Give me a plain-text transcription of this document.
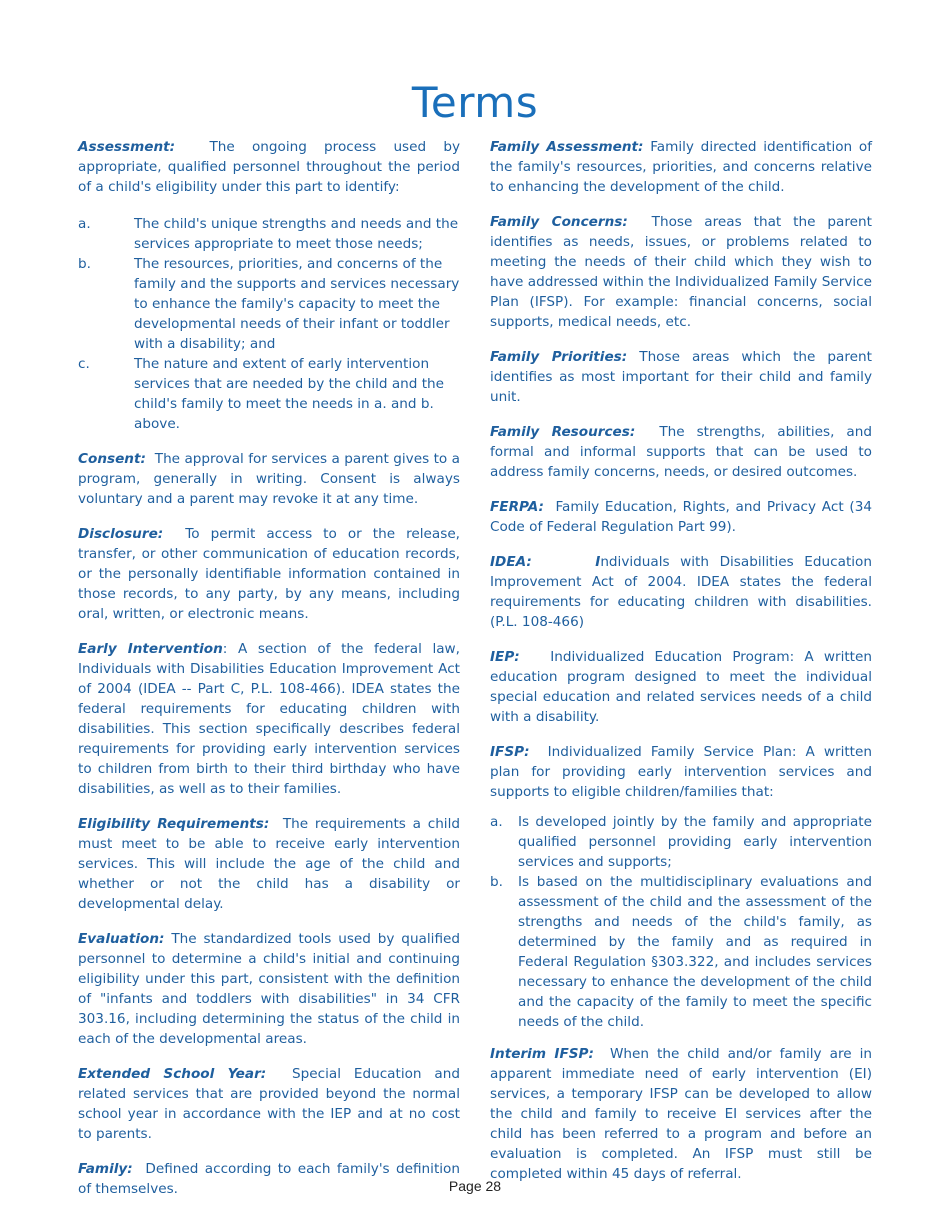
Terms

Assessment:	The ongoing process used by appropriate, qualified personnel throughout the period of a child's eligibility under this part to identify:

a.	The child's unique strengths and needs and the services appropriate to meet those needs;
b.	The resources, priorities, and concerns of the family and the supports and services necessary to enhance the family's capacity to meet the developmental needs of their infant or toddler with a disability; and
c.	The nature and extent of early intervention services that are needed by the child and the child's family to meet the needs in a. and b. above.

Consent: The approval for services a parent gives to a program, generally in writing. Consent is always voluntary and a parent may revoke it at any time.

Disclosure: To permit access to or the release, transfer, or other communication of education records, or the personally identifiable information contained in those records, to any party, by any means, including oral, written, or electronic means.

Early Intervention: A section of the federal law, Individuals with Disabilities Education Improvement Act of 2004 (IDEA -- Part C, P.L. 108-466). IDEA states the federal requirements for educating children with disabilities. This section specifically describes federal requirements for providing early intervention services to children from birth to their third birthday who have disabilities, as well as to their families.

Eligibility Requirements: The requirements a child must meet to be able to receive early intervention services. This will include the age of the child and whether or not the child has a disability or developmental delay.

Evaluation: The standardized tools used by qualified personnel to determine a child's initial and continuing eligibility under this part, consistent with the definition of "infants and toddlers with disabilities" in 34 CFR 303.16, including determining the status of the child in each of the developmental areas.

Extended School Year: Special Education and related services that are provided beyond the normal school year in accordance with the IEP and at no cost to parents.

Family: Defined according to each family's definition of themselves.

Family Assessment: Family directed identification of the family's resources, priorities, and concerns relative to enhancing the development of the child.

Family Concerns: Those areas that the parent identifies as needs, issues, or problems related to meeting the needs of their child which they wish to have addressed within the Individualized Family Service Plan (IFSP). For example: financial concerns, social supports, medical needs, etc.

Family Priorities: Those areas which the parent identifies as most important for their child and family unit.

Family Resources: The strengths, abilities, and formal and informal supports that can be used to address family concerns, needs, or desired outcomes.

FERPA: Family Education, Rights, and Privacy Act (34 Code of Federal Regulation Part 99).

IDEA:	Individuals with Disabilities Education Improvement Act of 2004. IDEA states the federal requirements for educating children with disabilities. (P.L. 108-466)

IEP: Individualized Education Program: A written education program designed to meet the individual special education and related services needs of a child with a disability.

IFSP: Individualized Family Service Plan: A written plan for providing early intervention services and supports to eligible children/families that:

a.	Is developed jointly by the family and appropriate qualified personnel providing early intervention services and supports;
b.	Is based on the multidisciplinary evaluations and assessment of the child and the assessment of the strengths and needs of the child's family, as determined by the family and as required in Federal Regulation §303.322, and includes services necessary to enhance the development of the child and the capacity of the family to meet the specific needs of the child.

Interim IFSP: When the child and/or family are in apparent immediate need of early intervention (EI) services, a temporary IFSP can be developed to allow the child and family to receive EI services after the child has been referred to a program and before an evaluation is completed. An IFSP must still be completed within 45 days of referral.

Page 28
